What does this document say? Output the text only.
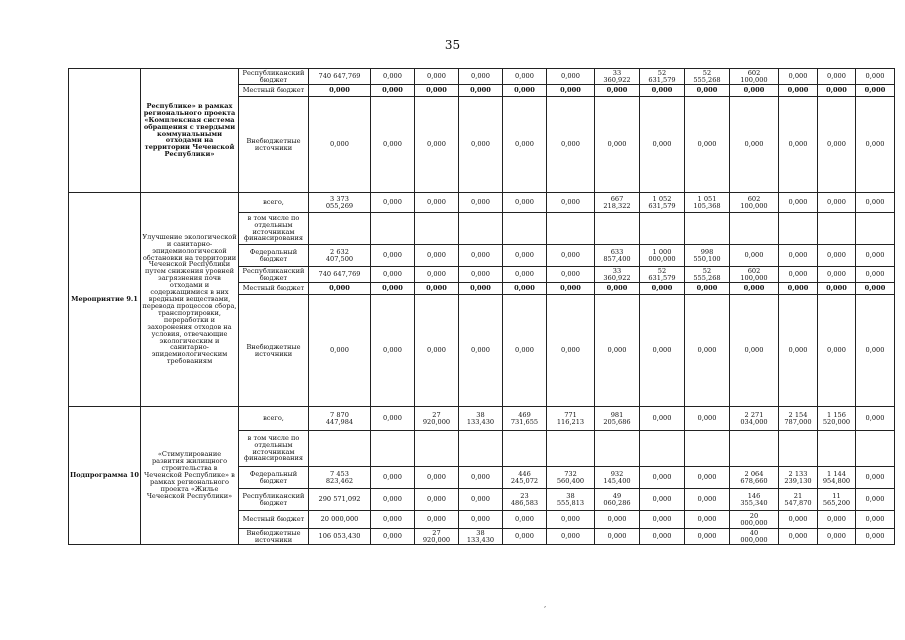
35
	Республике» в рамках регионального проекта «Комплексная система обращения с твердыми коммунальными отходами на территории Чеченской Республики»	Республиканский бюджет	740 647,769	0,000	0,000	0,000	0,000	0,000	33
360,922	52
631,579	52
555,268	602
100,000	0,000	0,000	0,000
		Местный бюджет	0,000	0,000	0,000	0,000	0,000	0,000	0,000	0,000	0,000	0,000	0,000	0,000	0,000
		Внебюджетные источники	0,000	0,000	0,000	0,000	0,000	0,000	0,000	0,000	0,000	0,000	0,000	0,000	0,000
Мероприятие 9.1	Улучшение экологической и санитарно-эпидемиологической обстановки на территории Чеченской Республики путем снижения уровней загрязнения почв отходами и содержащимися в них вредными веществами, перевода процессов сбора, транспортировки, переработки и захоронения отходов на условия, отвечающие экологическим и санитарно-эпидемиологическим требованиям	всего,	3 373
055,269	0,000	0,000	0,000	0,000	0,000	667
218,322	1 052
631,579	1 051
105,368	602
100,000	0,000	0,000	0,000
		в том числе по отдельным источникам финансирования													
		Федеральный бюджет	2 632
407,500	0,000	0,000	0,000	0,000	0,000	633
857,400	1 000
000,000	998
550,100	0,000	0,000	0,000	0,000
		Республиканский бюджет	740 647,769	0,000	0,000	0,000	0,000	0,000	33
360,922	52
631,579	52
555,268	602
100,000	0,000	0,000	0,000
		Местный бюджет	0,000	0,000	0,000	0,000	0,000	0,000	0,000	0,000	0,000	0,000	0,000	0,000	0,000
		Внебюджетные источники	0,000	0,000	0,000	0,000	0,000	0,000	0,000	0,000	0,000	0,000	0,000	0,000	0,000
Подпрограмма 10	«Стимулирование развития жилищного строительства в Чеченской Республике» в рамках регионального проекта «Жилье Чеченской Республики»	всего,	7 870
447,984	0,000	27
920,000	38
133,430	469
731,655	771
116,213	981
205,686	0,000	0,000	2 271
034,000	2 154
787,000	1 156
520,000	0,000
		в том числе по отдельным источникам финансирования													
		Федеральный бюджет	7 453
823,462	0,000	0,000	0,000	446
245,072	732
560,400	932
145,400	0,000	0,000	2 064
678,660	2 133
239,130	1 144
954,800	0,000
		Республиканский бюджет	290 571,092	0,000	0,000	0,000	23
486,583	38
555,813	49
060,286	0,000	0,000	146
355,340	21
547,870	11
565,200	0,000
		Местный бюджет	20 000,000	0,000	0,000	0,000	0,000	0,000	0,000	0,000	0,000	20
000,000	0,000	0,000	0,000
		Внебюджетные источники	106 053,430	0,000	27
920,000	38
133,430	0,000	0,000	0,000	0,000	0,000	40
000,000	0,000	0,000	0,000
,
